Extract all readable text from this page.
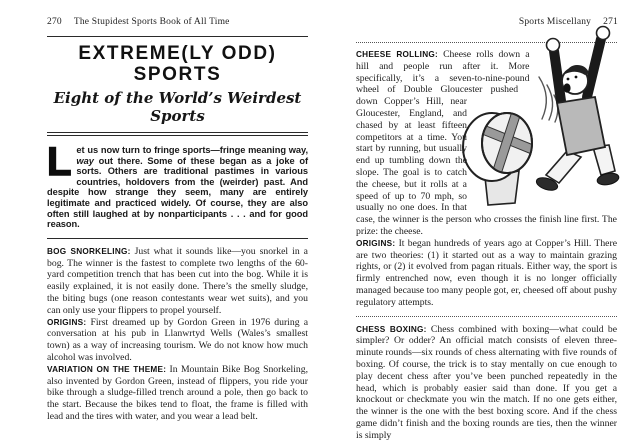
270 The Stupidest Sports Book of All Time	Sports Miscellany 271
EXTREME(LY ODD)
SPORTS
Eight of the World’s Weirdest Sports

Let us now turn to fringe sports—fringe meaning way, way out there. Some of these began as a joke of sorts. Others are traditional pastimes in various countries, holdovers from the (weirder) past. And despite how strange they seem, many are entirely legitimate and practiced widely. Of course, they are also often still laughed at by nonparticipants . . . and for good reason.

BOG SNORKELING: Just what it sounds like—you snorkel in a bog. The winner is the fastest to complete two lengths of the 60-yard competition trench that has been cut into the bog. While it is easily explained, it is not easily done. There’s the smelly sludge, the biting bugs (one reason contestants wear wet suits), and you can only use your flippers to propel yourself.

ORIGINS: First dreamed up by Gordon Green in 1976 during a conversation at his pub in Llanwrtyd Wells (Wales’s smallest town) as a way of increasing tourism. We do not know how much alcohol was involved.

VARIATION ON THE THEME: In Mountain Bike Bog Snorkeling, also invented by Gordon Green, instead of flippers, you ride your bike through a sludge-filled trench around a pole, then go back to the start. Because the bikes tend to float, the frame is filled with lead and the tires with water, and you wear a lead belt.

CHEESE ROLLING: Cheese rolls down a hill and people run after it. More specifically, it’s a seven-to-nine-pound wheel of Double Gloucester pushed down Copper’s Hill, near Gloucester, England, and chased by at least fifteen competitors at a time. You start by running, but usually end up tumbling down the slope. The goal is to catch the cheese, but it rolls at a speed of up to 70 mph, so usually no one does. In that case, the winner is the person who crosses the finish line first. The prize: the cheese.

ORIGINS: It began hundreds of years ago at Copper’s Hill. There are two theories: (1) it started out as a way to maintain grazing rights, or (2) it evolved from pagan rituals. Either way, the sport is firmly entrenched now, even though it is no longer officially managed because too many people got, er, cheesed off about pushy regulatory attempts.

CHESS BOXING: Chess combined with boxing—what could be simpler? Or odder? An official match consists of eleven three-minute rounds—six rounds of chess alternating with five rounds of boxing. Of course, the trick is to stay mentally on cue enough to play decent chess after you’ve been punched repeatedly in the head, which is probably easier said than done. If you get a knockout or checkmate you win the match. If no one gets either, the winner is the one with the best boxing score. And if the chess game didn’t finish and the boxing rounds are ties, then the winner is simply
